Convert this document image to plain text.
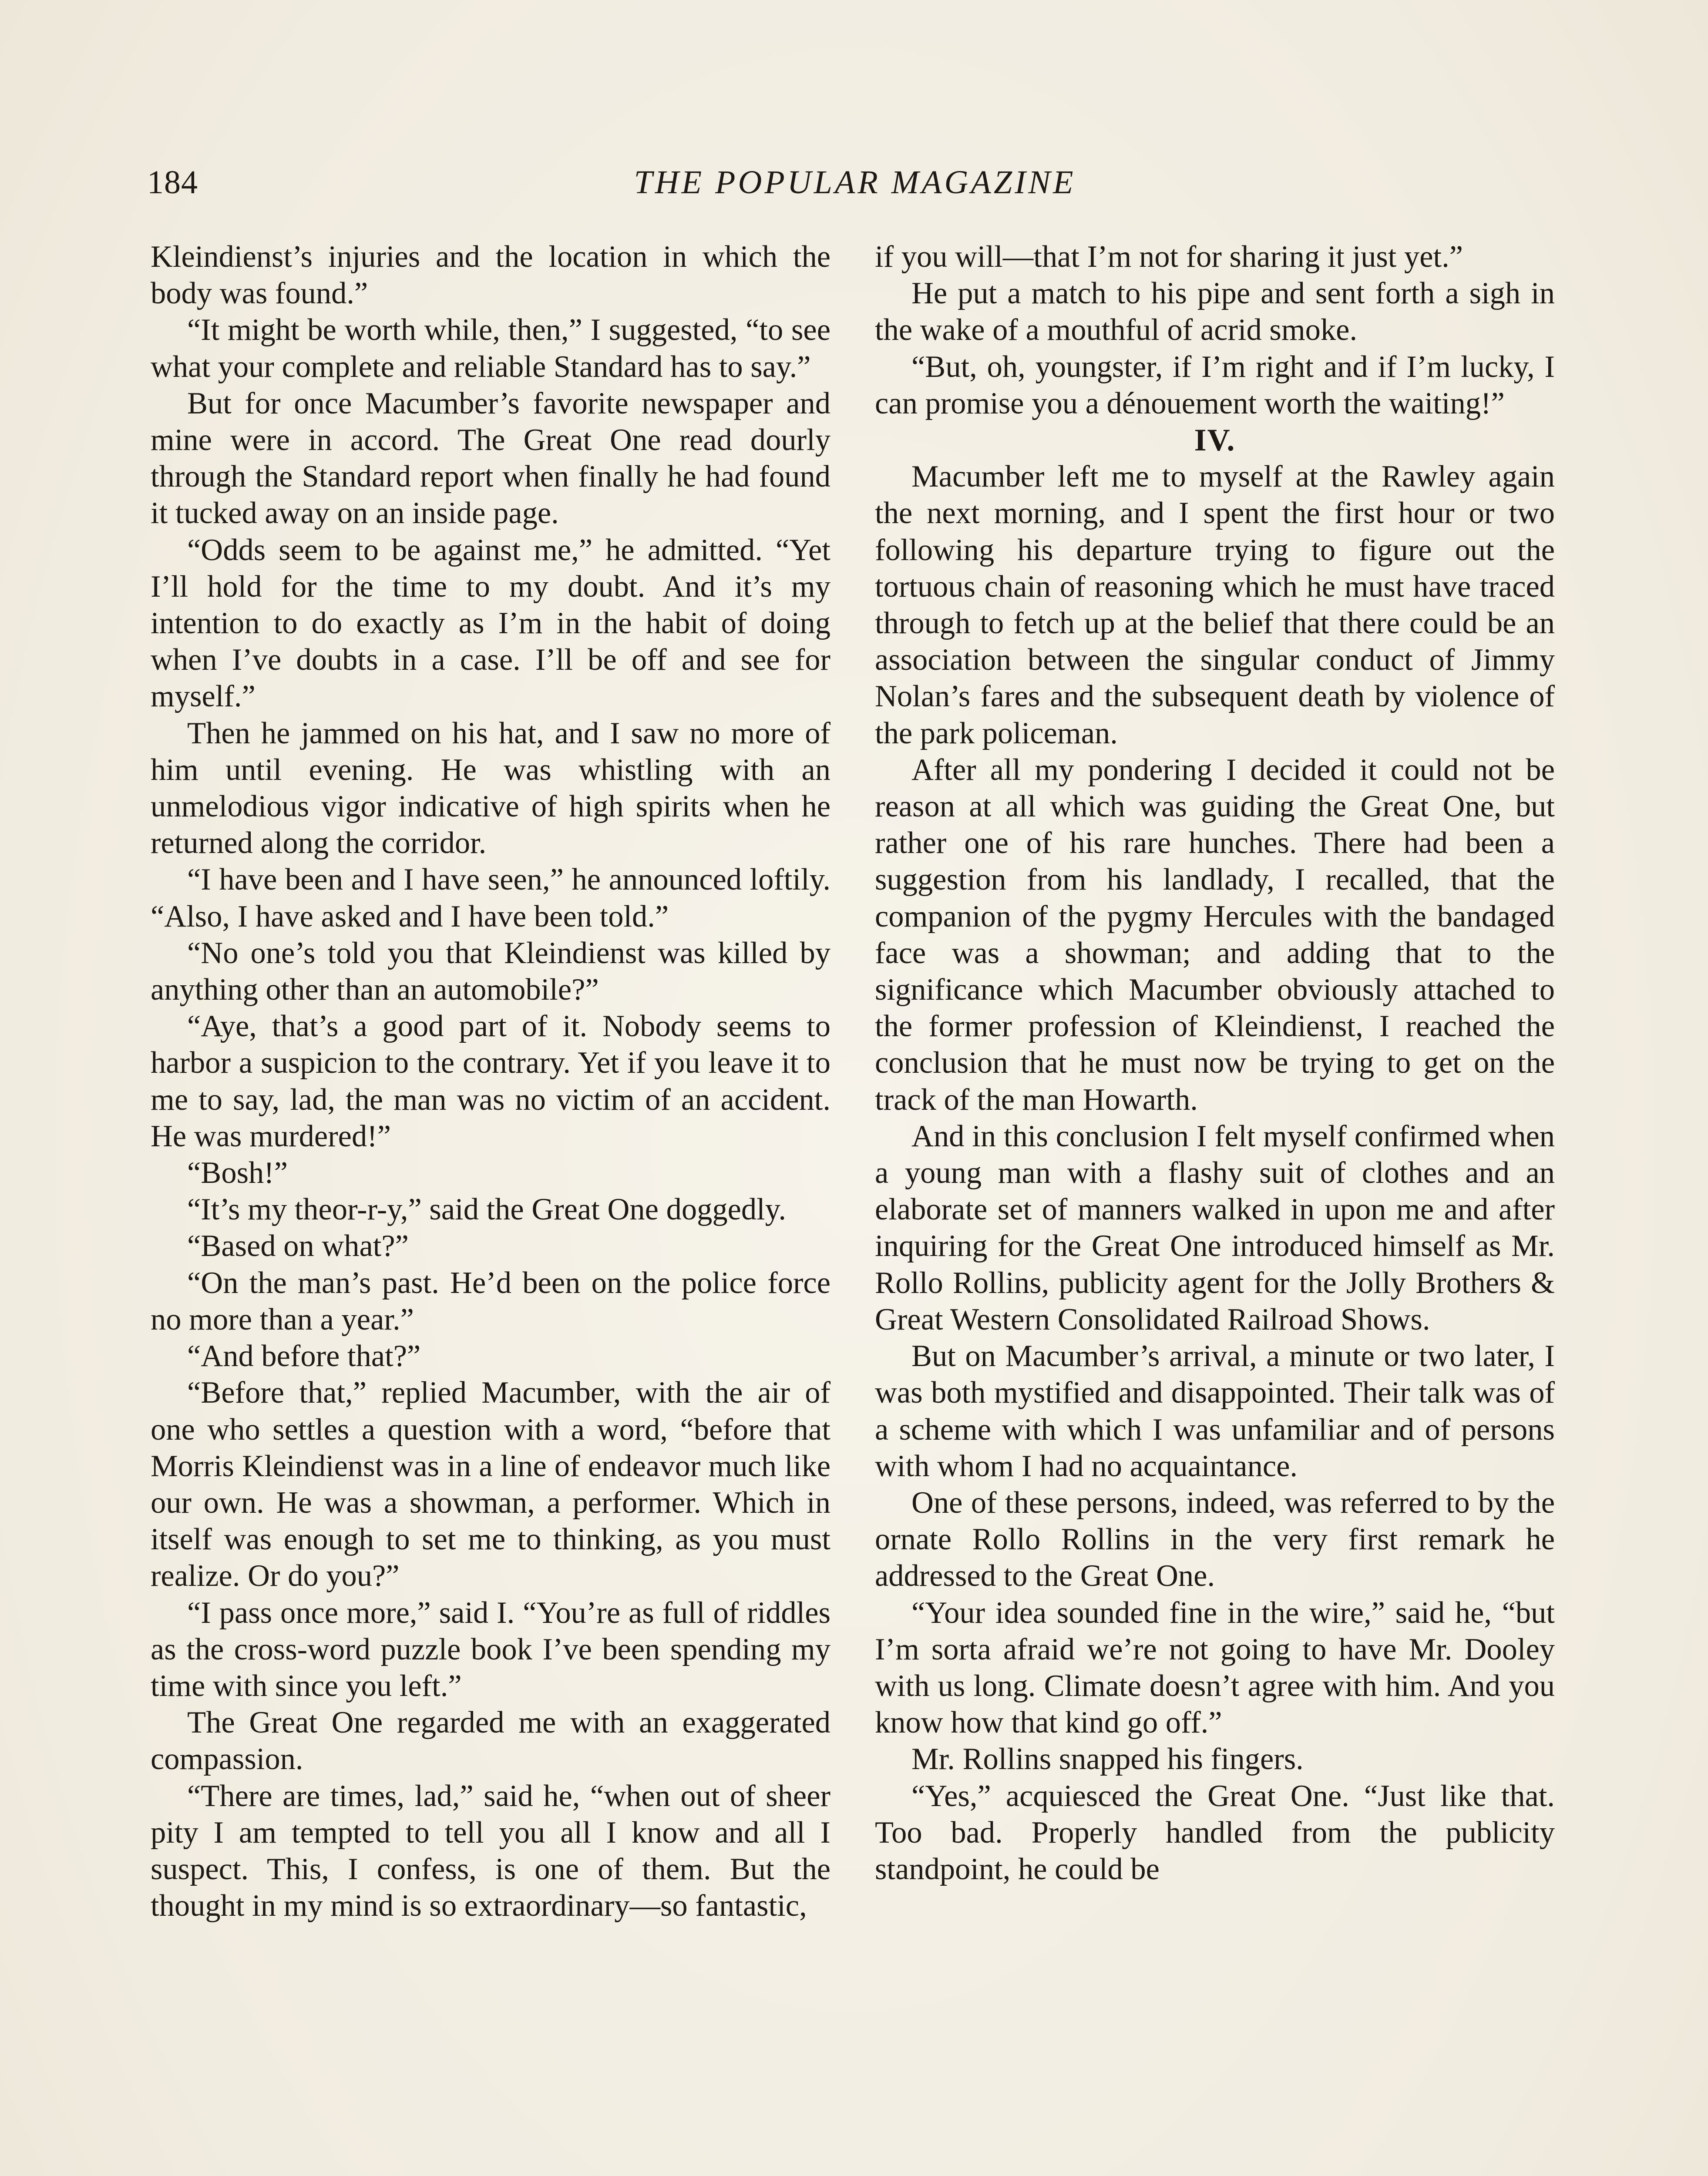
184	THE POPULAR MAGAZINE

Kleindienst’s injuries and the location in which the body was found.”

“It might be worth while, then,” I suggested, “to see what your complete and reliable Standard has to say.”

But for once Macumber’s favorite newspaper and mine were in accord. The Great One read dourly through the Standard report when finally he had found it tucked away on an inside page.

“Odds seem to be against me,” he admitted. “Yet I’ll hold for the time to my doubt. And it’s my intention to do exactly as I’m in the habit of doing when I’ve doubts in a case. I’ll be off and see for myself.”

Then he jammed on his hat, and I saw no more of him until evening. He was whistling with an unmelodious vigor indicative of high spirits when he returned along the corridor.

“I have been and I have seen,” he announced loftily. “Also, I have asked and I have been told.”

“No one’s told you that Kleindienst was killed by anything other than an automobile?”

“Aye, that’s a good part of it. Nobody seems to harbor a suspicion to the contrary. Yet if you leave it to me to say, lad, the man was no victim of an accident. He was murdered!”

“Bosh!”

“It’s my theor-r-y,” said the Great One doggedly.

“Based on what?”

“On the man’s past. He’d been on the police force no more than a year.”

“And before that?”

“Before that,” replied Macumber, with the air of one who settles a question with a word, “before that Morris Kleindienst was in a line of endeavor much like our own. He was a showman, a performer. Which in itself was enough to set me to thinking, as you must realize. Or do you?”

“I pass once more,” said I. “You’re as full of riddles as the cross-word puzzle book I’ve been spending my time with since you left.”

The Great One regarded me with an exaggerated compassion.

“There are times, lad,” said he, “when out of sheer pity I am tempted to tell you all I know and all I suspect. This, I confess, is one of them. But the thought in my mind is so extraordinary—so fantastic,

if you will—that I’m not for sharing it just yet.”

He put a match to his pipe and sent forth a sigh in the wake of a mouthful of acrid smoke.

“But, oh, youngster, if I’m right and if I’m lucky, I can promise you a dénouement worth the waiting!”

IV.

Macumber left me to myself at the Rawley again the next morning, and I spent the first hour or two following his departure trying to figure out the tortuous chain of reasoning which he must have traced through to fetch up at the belief that there could be an association between the singular conduct of Jimmy Nolan’s fares and the subsequent death by violence of the park policeman.

After all my pondering I decided it could not be reason at all which was guiding the Great One, but rather one of his rare hunches. There had been a suggestion from his landlady, I recalled, that the companion of the pygmy Hercules with the bandaged face was a showman; and adding that to the significance which Macumber obviously attached to the former profession of Kleindienst, I reached the conclusion that he must now be trying to get on the track of the man Howarth.

And in this conclusion I felt myself confirmed when a young man with a flashy suit of clothes and an elaborate set of manners walked in upon me and after inquiring for the Great One introduced himself as Mr. Rollo Rollins, publicity agent for the Jolly Brothers & Great Western Consolidated Railroad Shows.

But on Macumber’s arrival, a minute or two later, I was both mystified and disappointed. Their talk was of a scheme with which I was unfamiliar and of persons with whom I had no acquaintance.

One of these persons, indeed, was referred to by the ornate Rollo Rollins in the very first remark he addressed to the Great One.

“Your idea sounded fine in the wire,” said he, “but I’m sorta afraid we’re not going to have Mr. Dooley with us long. Climate doesn’t agree with him. And you know how that kind go off.”

Mr. Rollins snapped his fingers.

“Yes,” acquiesced the Great One. “Just like that. Too bad. Properly handled from the publicity standpoint, he could be
